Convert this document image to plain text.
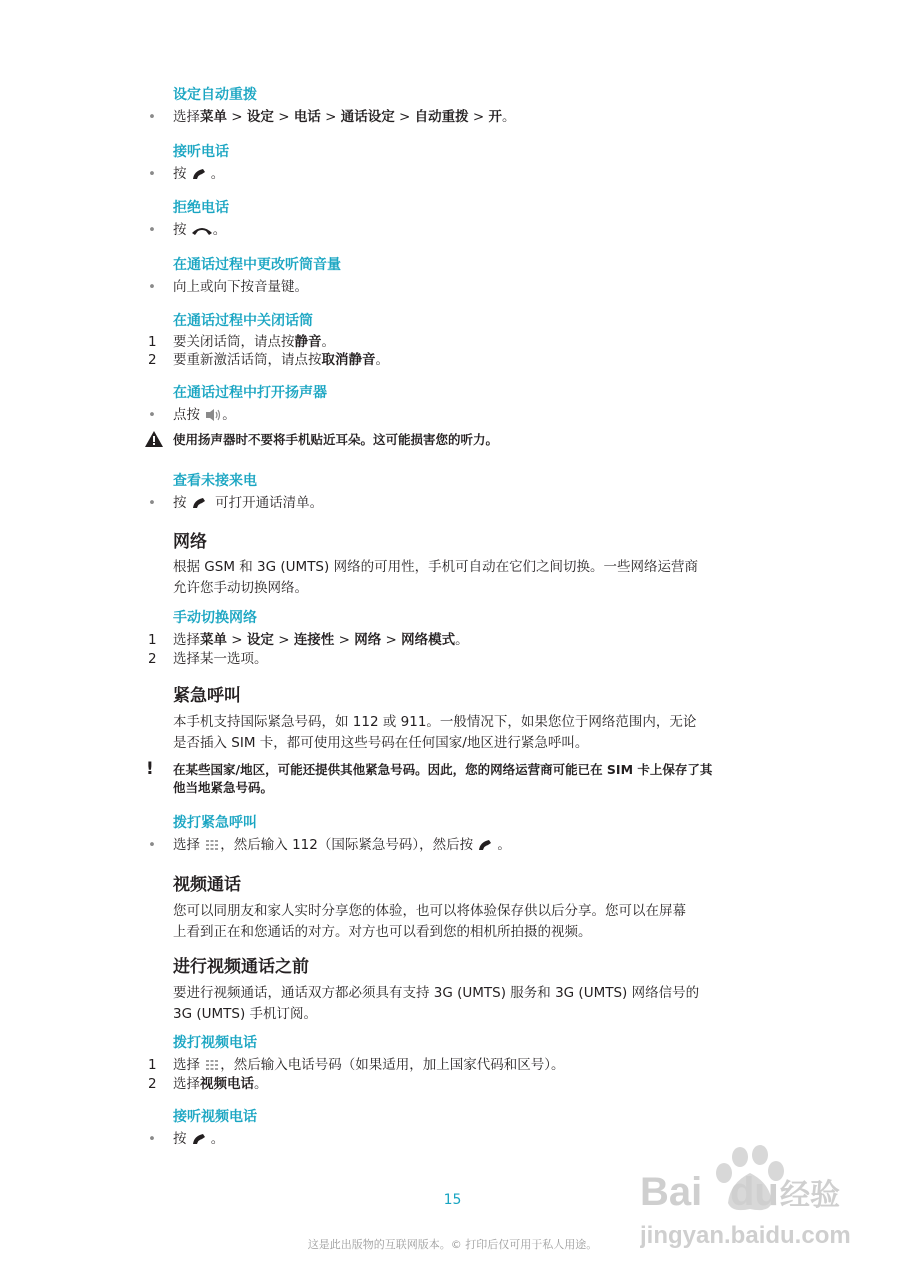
设定自动重拨
•	选择菜单 > 设定 > 电话 > 通话设定 > 自动重拨 > 开。
接听电话
•	按 。
拒绝电话
•	按 。
在通话过程中更改听筒音量
•	向上或向下按音量键。
在通话过程中关闭话筒
1	要关闭话筒，请点按静音。
2	要重新激活话筒，请点按取消静音。
在通话过程中打开扬声器
•	点按 。
使用扬声器时不要将手机贴近耳朵。这可能损害您的听力。
查看未接来电
•	按 可打开通话清单。
网络
根据 GSM 和 3G (UMTS) 网络的可用性，手机可自动在它们之间切换。一些网络运营商
允许您手动切换网络。
手动切换网络
1	选择菜单 > 设定 > 连接性 > 网络 > 网络模式。
2	选择某一选项。
紧急呼叫
本手机支持国际紧急号码，如 112 或 911。一般情况下，如果您位于网络范围内，无论
是否插入 SIM 卡，都可使用这些号码在任何国家/地区进行紧急呼叫。
! 在某些国家/地区，可能还提供其他紧急号码。因此，您的网络运营商可能已在 SIM 卡上保存了其
他当地紧急号码。
拨打紧急呼叫
•	选择 ，然后输入 112（国际紧急号码），然后按 。
视频通话
您可以同朋友和家人实时分享您的体验，也可以将体验保存供以后分享。您可以在屏幕
上看到正在和您通话的对方。对方也可以看到您的相机所拍摄的视频。
进行视频通话之前
要进行视频通话，通话双方都必须具有支持 3G (UMTS) 服务和 3G (UMTS) 网络信号的
3G (UMTS) 手机订阅。
拨打视频电话
1	选择 ，然后输入电话号码（如果适用，加上国家代码和区号）。
2	选择视频电话。
接听视频电话
•	按 。
Bai du 经验
jingyan.baidu.com
15
这是此出版物的互联网版本。© 打印后仅可用于私人用途。
